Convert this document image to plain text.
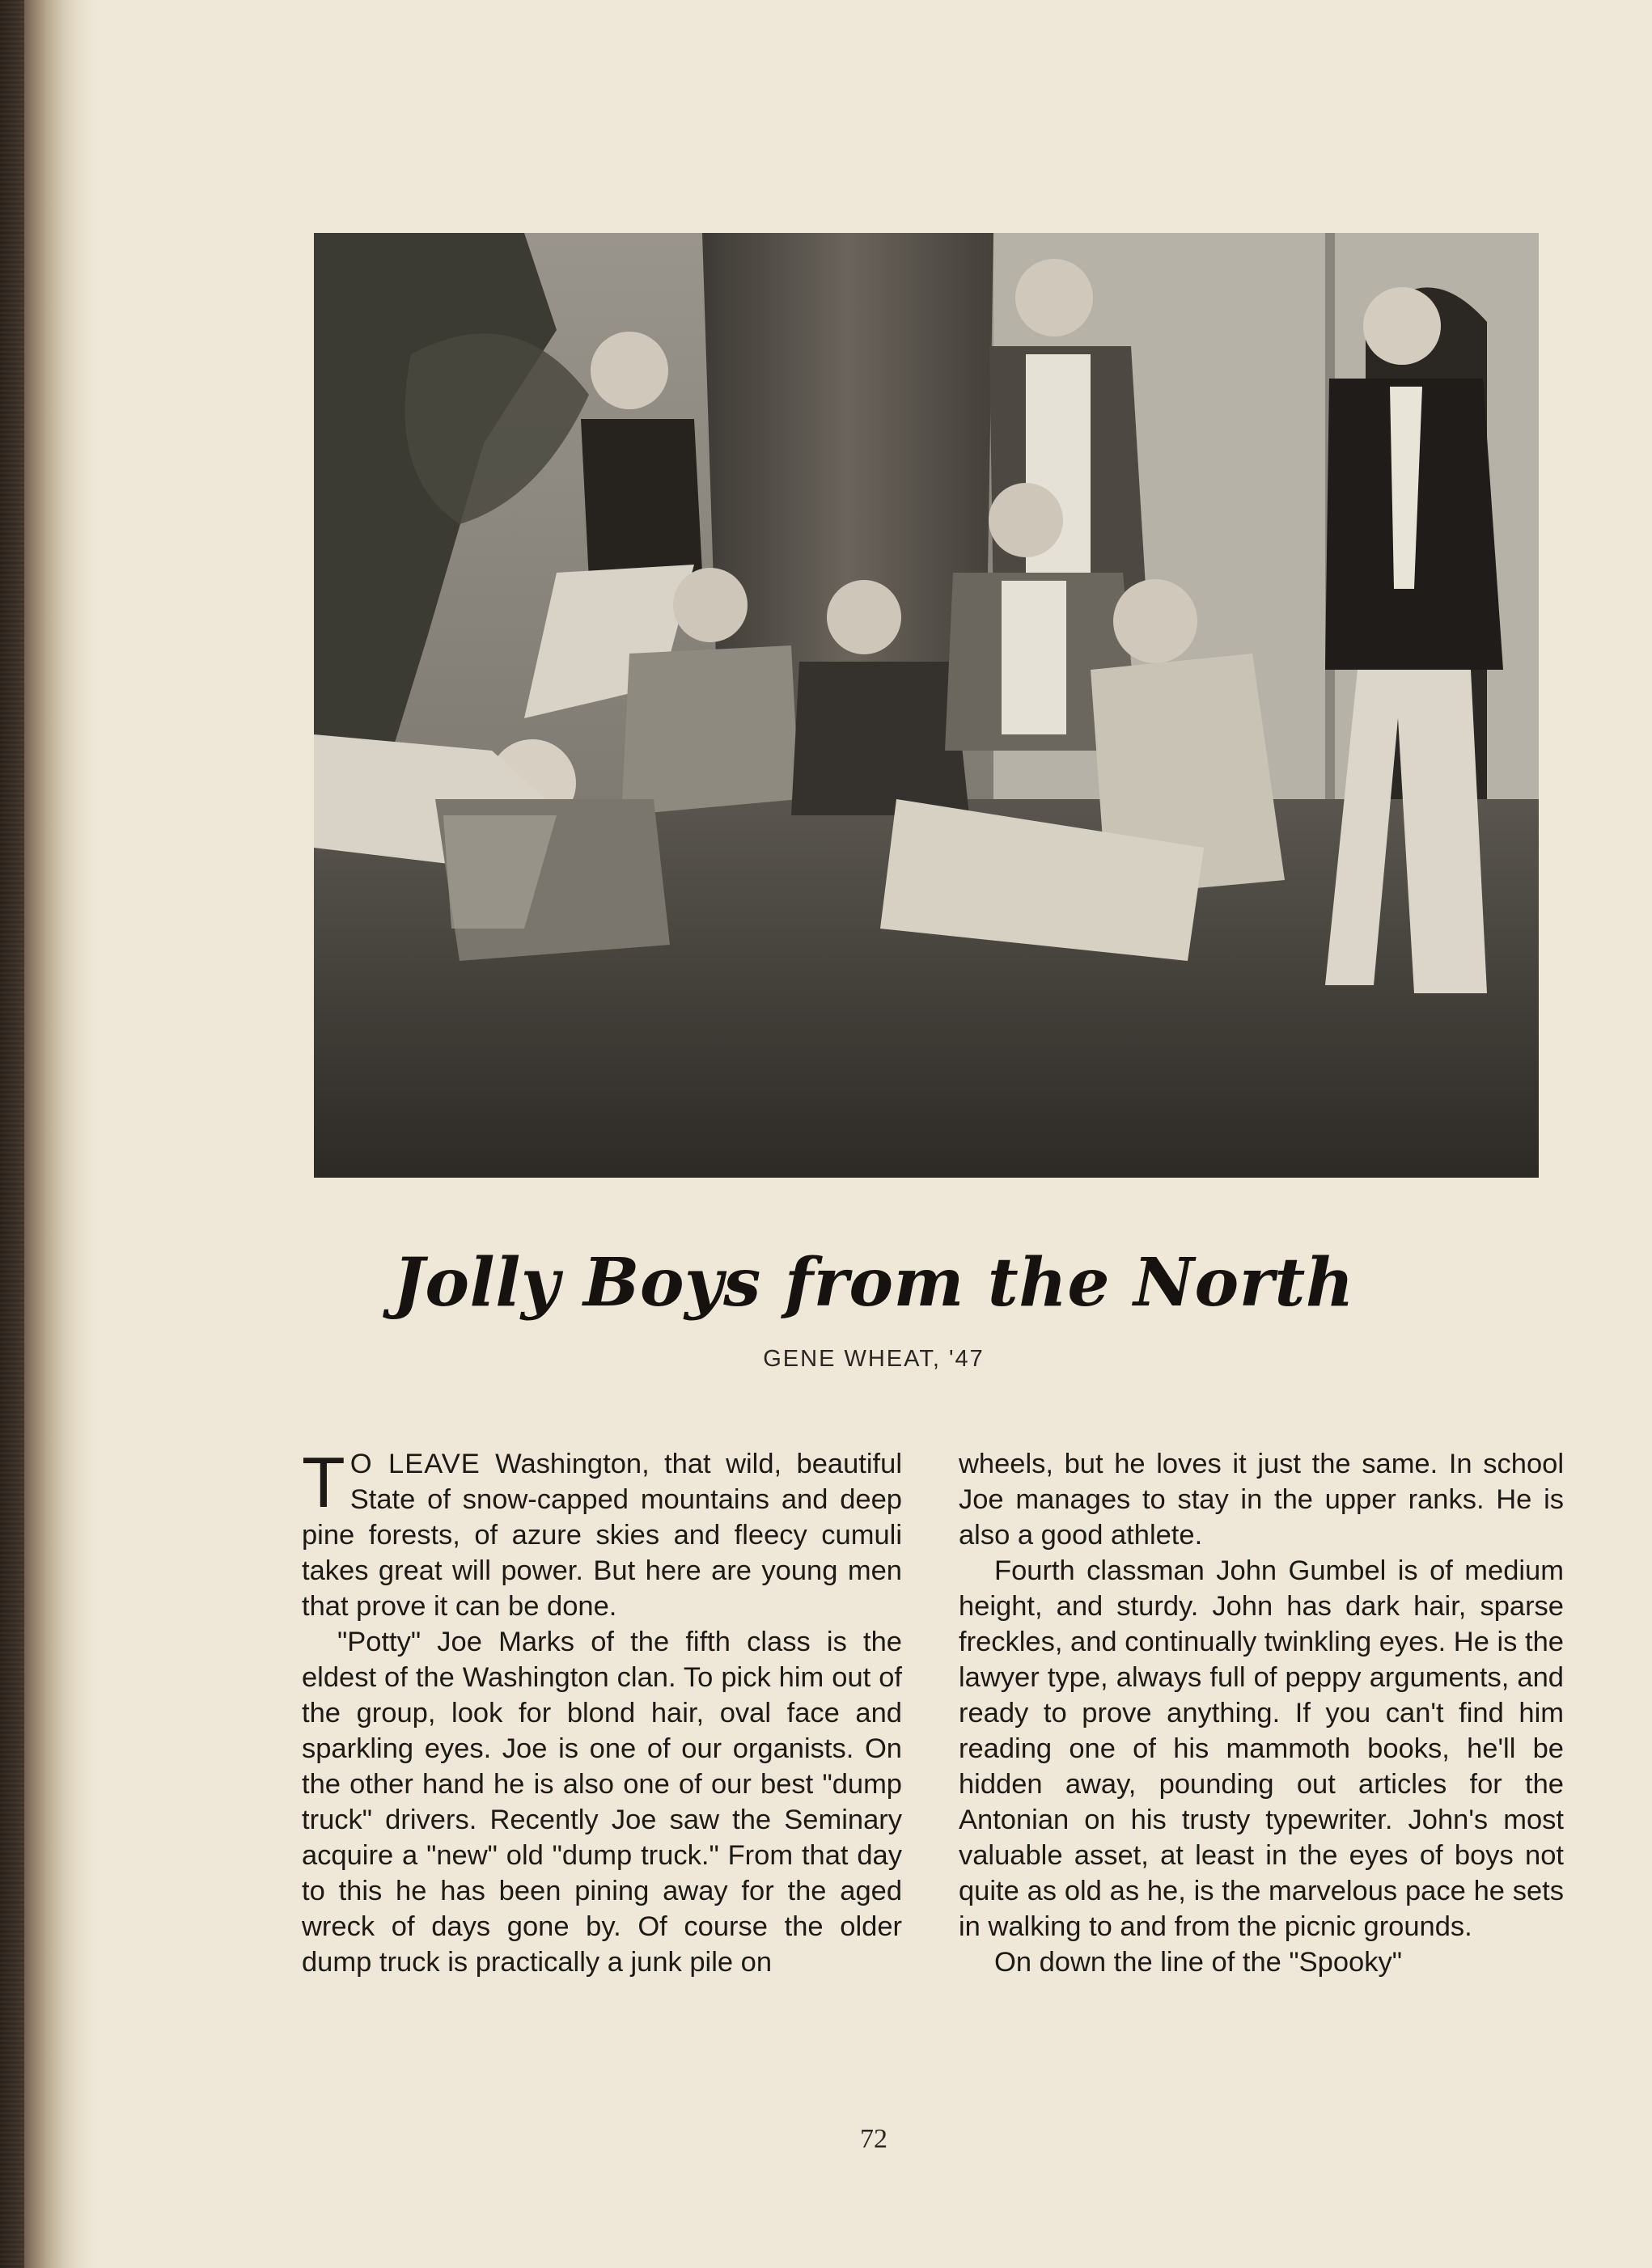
Jolly Boys from the North
GENE WHEAT, '47

T O LEAVE Washington, that wild, beautiful State of snow-capped mountains and deep pine forests, of azure skies and fleecy cumuli takes great will power. But here are young men that prove it can be done.

"Potty" Joe Marks of the fifth class is the eldest of the Washington clan. To pick him out of the group, look for blond hair, oval face and sparkling eyes. Joe is one of our organists. On the other hand he is also one of our best "dump truck" drivers. Recently Joe saw the Seminary acquire a "new" old "dump truck." From that day to this he has been pining away for the aged wreck of days gone by. Of course the older dump truck is practically a junk pile on

wheels, but he loves it just the same. In school Joe manages to stay in the upper ranks. He is also a good athlete.

Fourth classman John Gumbel is of medium height, and sturdy. John has dark hair, sparse freckles, and continually twinkling eyes. He is the lawyer type, always full of peppy arguments, and ready to prove anything. If you can't find him reading one of his mammoth books, he'll be hidden away, pounding out articles for the Antonian on his trusty typewriter. John's most valuable asset, at least in the eyes of boys not quite as old as he, is the marvelous pace he sets in walking to and from the picnic grounds.

On down the line of the "Spooky"

72
